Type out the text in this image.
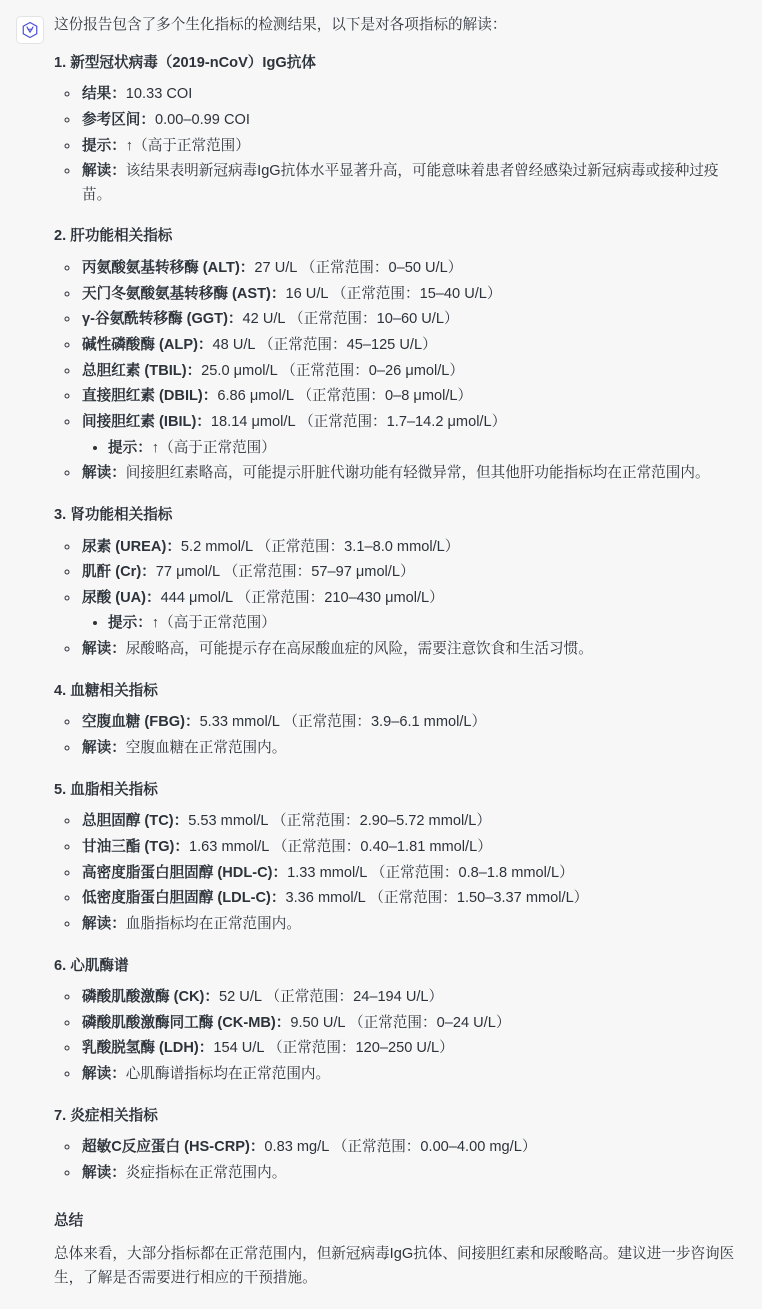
这份报告包含了多个生化指标的检测结果，以下是对各项指标的解读：

1. 新型冠状病毒（2019-nCoV）IgG抗体
◦ 结果：10.33 COI
◦ 参考区间：0.00–0.99 COI
◦ 提示：↑（高于正常范围）
◦ 解读：该结果表明新冠病毒IgG抗体水平显著升高，可能意味着患者曾经感染过新冠病毒或接种过疫苗。
2. 肝功能相关指标
◦ 丙氨酸氨基转移酶 (ALT)：27 U/L （正常范围：0–50 U/L）
◦ 天门冬氨酸氨基转移酶 (AST)：16 U/L （正常范围：15–40 U/L）
◦ γ-谷氨酰转移酶 (GGT)：42 U/L （正常范围：10–60 U/L）
◦ 碱性磷酸酶 (ALP)：48 U/L （正常范围：45–125 U/L）
◦ 总胆红素 (TBIL)：25.0 μmol/L （正常范围：0–26 μmol/L）
◦ 直接胆红素 (DBIL)：6.86 μmol/L （正常范围：0–8 μmol/L）
◦ 间接胆红素 (IBIL)：18.14 μmol/L （正常范围：1.7–14.2 μmol/L）
• 提示：↑（高于正常范围）
◦ 解读：间接胆红素略高，可能提示肝脏代谢功能有轻微异常，但其他肝功能指标均在正常范围内。
3. 肾功能相关指标
◦ 尿素 (UREA)：5.2 mmol/L （正常范围：3.1–8.0 mmol/L）
◦ 肌酐 (Cr)：77 μmol/L （正常范围：57–97 μmol/L）
◦ 尿酸 (UA)：444 μmol/L （正常范围：210–430 μmol/L）
• 提示：↑（高于正常范围）
◦ 解读：尿酸略高，可能提示存在高尿酸血症的风险，需要注意饮食和生活习惯。
4. 血糖相关指标
◦ 空腹血糖 (FBG)：5.33 mmol/L （正常范围：3.9–6.1 mmol/L）
◦ 解读：空腹血糖在正常范围内。
5. 血脂相关指标
◦ 总胆固醇 (TC)：5.53 mmol/L （正常范围：2.90–5.72 mmol/L）
◦ 甘油三酯 (TG)：1.63 mmol/L （正常范围：0.40–1.81 mmol/L）
◦ 高密度脂蛋白胆固醇 (HDL-C)：1.33 mmol/L （正常范围：0.8–1.8 mmol/L）
◦ 低密度脂蛋白胆固醇 (LDL-C)：3.36 mmol/L （正常范围：1.50–3.37 mmol/L）
◦ 解读：血脂指标均在正常范围内。
6. 心肌酶谱
◦ 磷酸肌酸激酶 (CK)：52 U/L （正常范围：24–194 U/L）
◦ 磷酸肌酸激酶同工酶 (CK-MB)：9.50 U/L （正常范围：0–24 U/L）
◦ 乳酸脱氢酶 (LDH)：154 U/L （正常范围：120–250 U/L）
◦ 解读：心肌酶谱指标均在正常范围内。
7. 炎症相关指标
◦ 超敏C反应蛋白 (HS-CRP)：0.83 mg/L （正常范围：0.00–4.00 mg/L）
◦ 解读：炎症指标在正常范围内。
总结

总体来看，大部分指标都在正常范围内，但新冠病毒IgG抗体、间接胆红素和尿酸略高。建议进一步咨询医生，了解是否需要进行相应的干预措施。
